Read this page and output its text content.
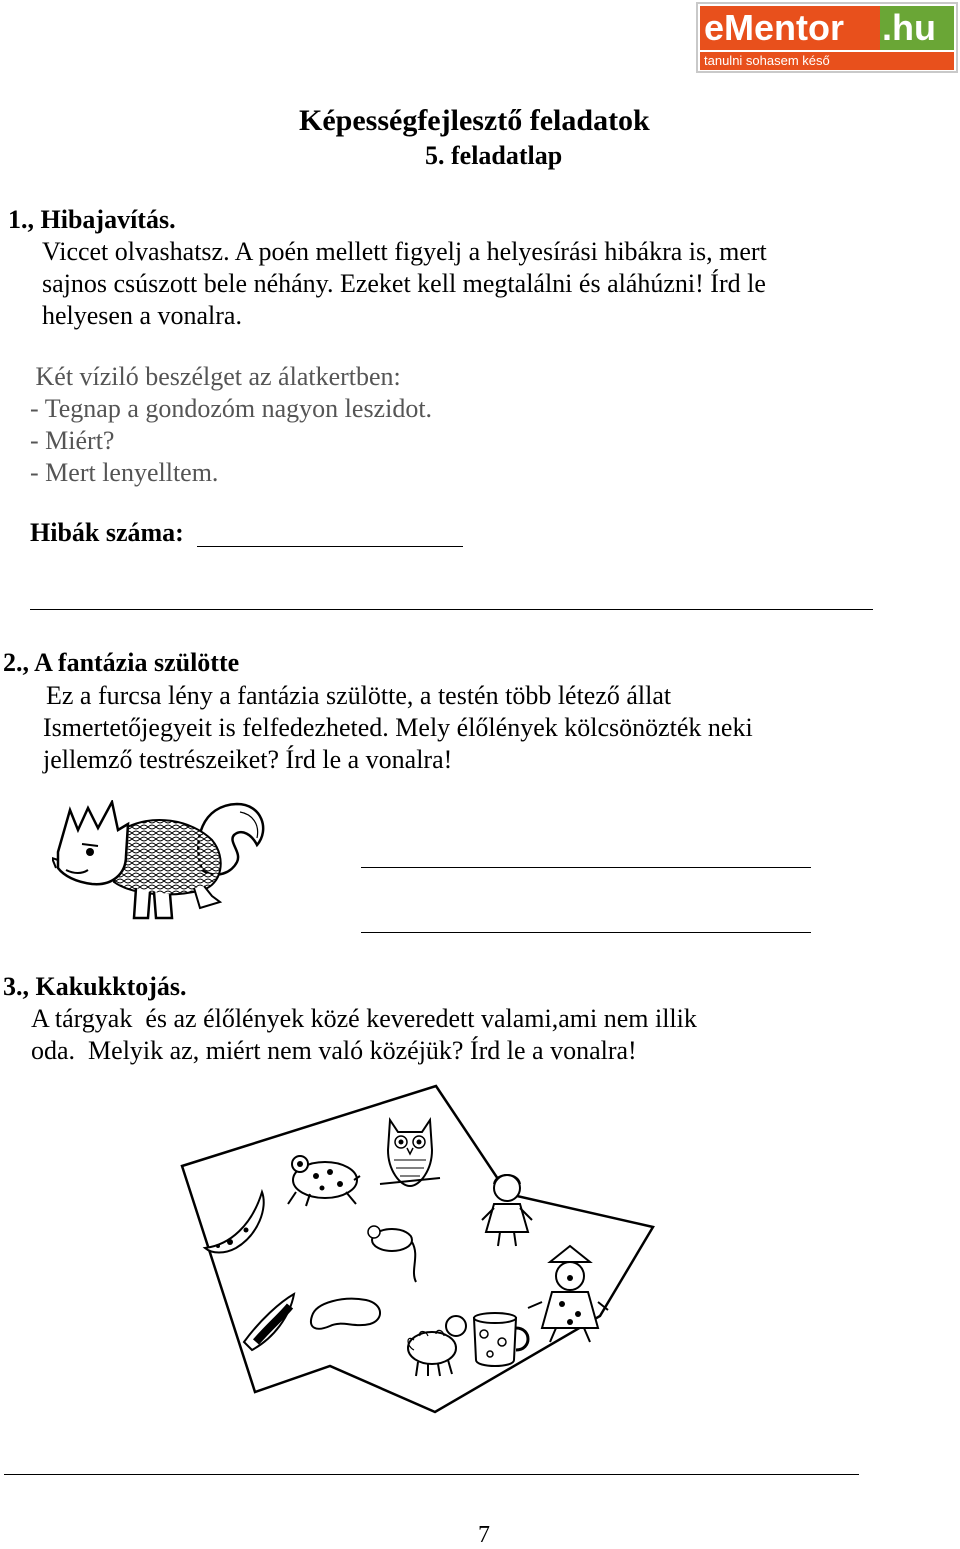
eMentor	.hu
tanulni sohasem késő
Képességfejlesztő feladatok
5. feladatlap
1., Hibajavítás.
Viccet olvashatsz. A poén mellett figyelj a helyesírási hibákra is, mert
sajnos csúszott bele néhány. Ezeket kell megtalálni és aláhúzni! Írd le
helyesen a vonalra.
Két víziló beszélget az álatkertben:
- Tegnap a gondozóm nagyon leszidot.
- Miért?
- Mert lenyelltem.
Hibák száma:
2., A fantázia szülötte
Ez a furcsa lény a fantázia szülötte, a testén több létező állat
Ismertetőjegyeit is felfedezheted. Mely élőlények kölcsönözték neki
jellemző testrészeiket? Írd le a vonalra!
3., Kakukktojás.
A tárgyak  és az élőlények közé keveredett valami,ami nem illik
oda.  Melyik az, miért nem való közéjük? Írd le a vonalra!
7
